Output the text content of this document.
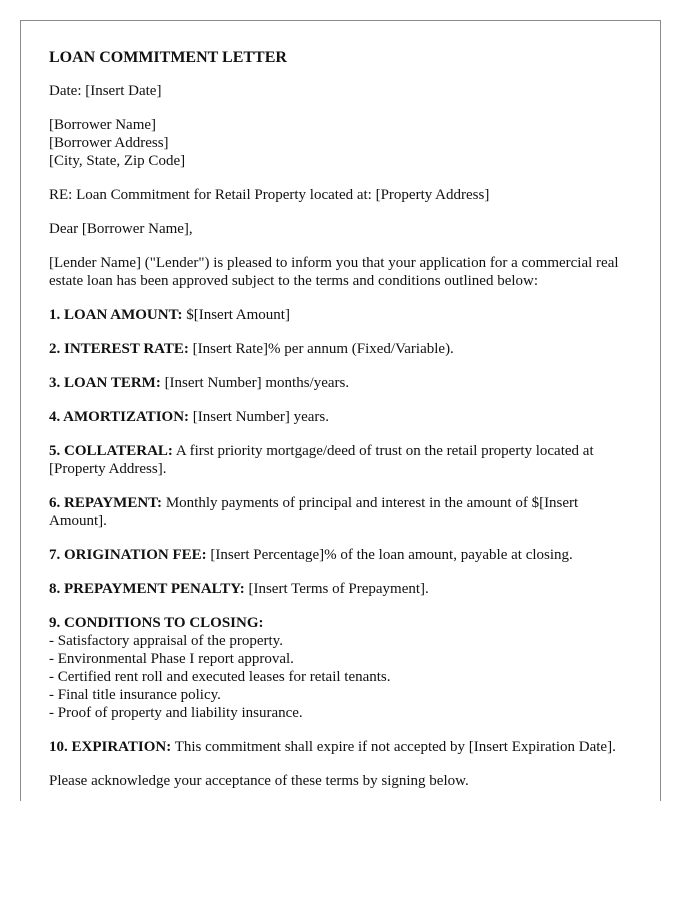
LOAN COMMITMENT LETTER

Date: [Insert Date]

[Borrower Name]
[Borrower Address]
[City, State, Zip Code]

RE: Loan Commitment for Retail Property located at: [Property Address]

Dear [Borrower Name],

[Lender Name] ("Lender") is pleased to inform you that your application for a commercial real estate loan has been approved subject to the terms and conditions outlined below:

1. LOAN AMOUNT: $[Insert Amount]

2. INTEREST RATE: [Insert Rate]% per annum (Fixed/Variable).

3. LOAN TERM: [Insert Number] months/years.

4. AMORTIZATION: [Insert Number] years.

5. COLLATERAL: A first priority mortgage/deed of trust on the retail property located at [Property Address].

6. REPAYMENT: Monthly payments of principal and interest in the amount of $[Insert Amount].

7. ORIGINATION FEE: [Insert Percentage]% of the loan amount, payable at closing.

8. PREPAYMENT PENALTY: [Insert Terms of Prepayment].

9. CONDITIONS TO CLOSING:
- Satisfactory appraisal of the property.
- Environmental Phase I report approval.
- Certified rent roll and executed leases for retail tenants.
- Final title insurance policy.
- Proof of property and liability insurance.

10. EXPIRATION: This commitment shall expire if not accepted by [Insert Expiration Date].

Please acknowledge your acceptance of these terms by signing below.
